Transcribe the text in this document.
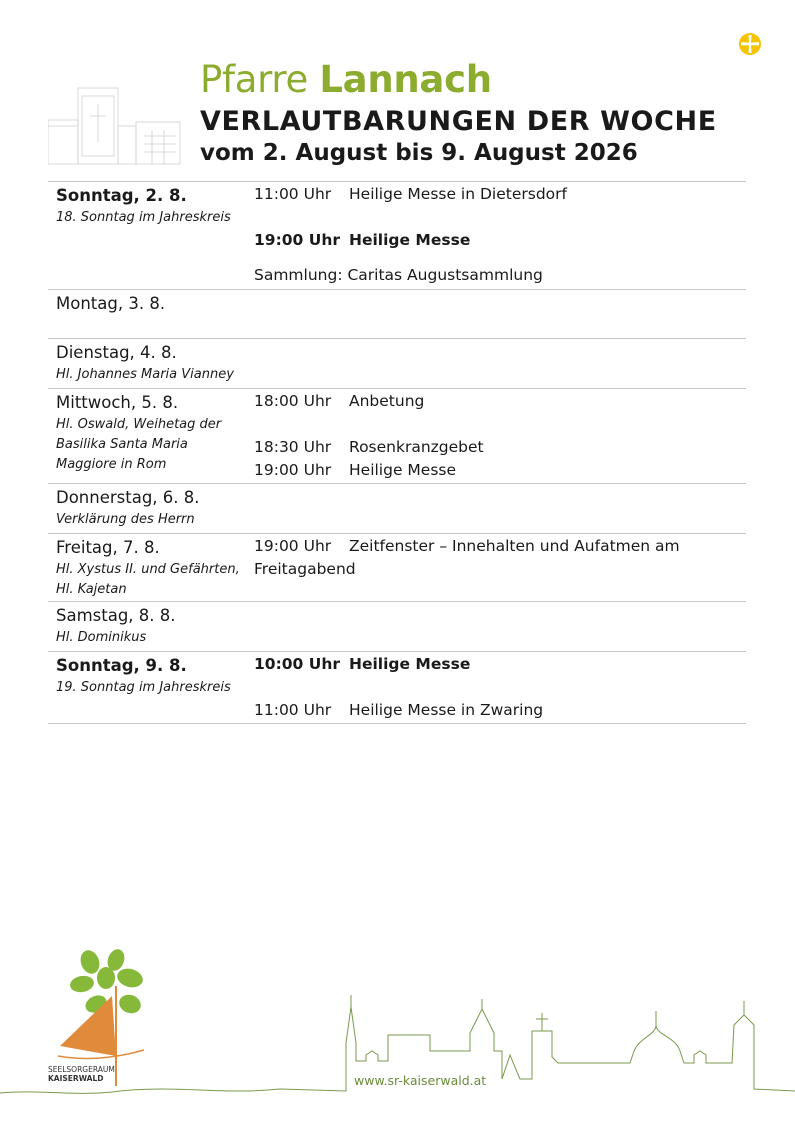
Pfarre Lannach
VERLAUTBARUNGEN DER WOCHE
vom 2. August bis 9. August 2026
Sonntag, 2. 8.
18. Sonntag im Jahreskreis
11:00 Uhr Heilige Messe in Dietersdorf
19:00 Uhr Heilige Messe
Sammlung: Caritas Augustsammlung
Montag, 3. 8.
Dienstag, 4. 8.
Hl. Johannes Maria Vianney
Mittwoch, 5. 8.
Hl. Oswald, Weihetag der Basilika Santa Maria Maggiore in Rom
18:00 Uhr Anbetung
18:30 Uhr Rosenkranzgebet
19:00 Uhr Heilige Messe
Donnerstag, 6. 8.
Verklärung des Herrn
Freitag, 7. 8.
Hl. Xystus II. und Gefährten, Hl. Kajetan
19:00 Uhr Zeitfenster – Innehalten und Aufatmen am Freitagabend
Samstag, 8. 8.
Hl. Dominikus
Sonntag, 9. 8.
19. Sonntag im Jahreskreis
10:00 Uhr Heilige Messe
11:00 Uhr Heilige Messe in Zwaring
SEELSORGERAUM
KAISERWALD	www.sr-kaiserwald.at
